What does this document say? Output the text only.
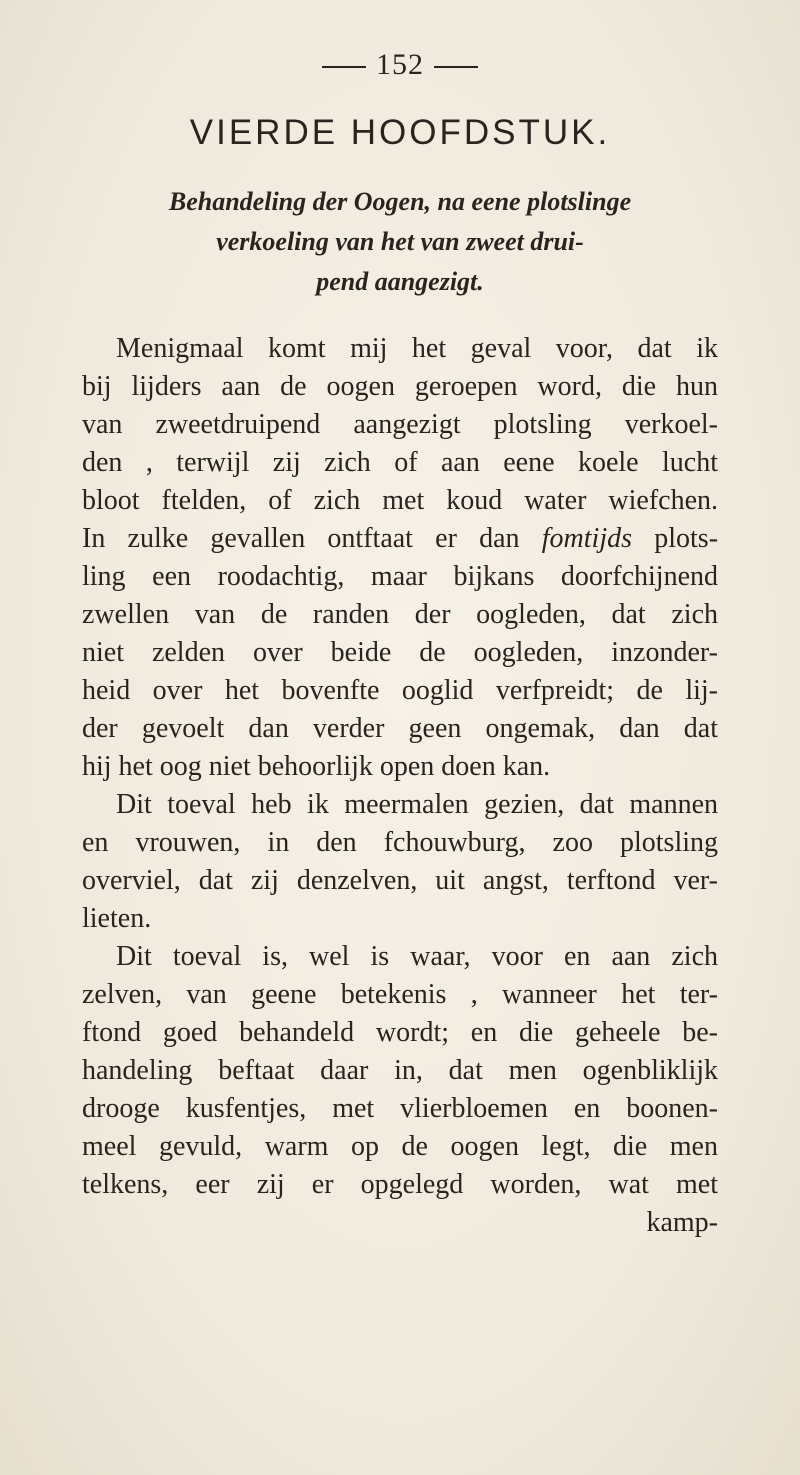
152
VIERDE HOOFDSTUK.
Behandeling der Oogen, na eene plotslinge
verkoeling van het van zweet drui-
pend aangezigt.
Menigmaal komt mij het geval voor, dat ik
bij lijders aan de oogen geroepen word, die hun
van zweetdruipend aangezigt plotsling verkoel-
den , terwijl zij zich of aan eene koele lucht
bloot ftelden, of zich met koud water wiefchen.
In zulke gevallen ontftaat er dan fomtijds plots-
ling een roodachtig, maar bijkans doorfchijnend
zwellen van de randen der oogleden, dat zich
niet zelden over beide de oogleden, inzonder-
heid over het bovenfte ooglid verfpreidt; de lij-
der gevoelt dan verder geen ongemak, dan dat
hij het oog niet behoorlijk open doen kan.
Dit toeval heb ik meermalen gezien, dat mannen
en vrouwen, in den fchouwburg, zoo plotsling
overviel, dat zij denzelven, uit angst, terftond ver-
lieten.
Dit toeval is, wel is waar, voor en aan zich
zelven, van geene betekenis , wanneer het ter-
ftond goed behandeld wordt; en die geheele be-
handeling beftaat daar in, dat men ogenbliklijk
drooge kusfentjes, met vlierbloemen en boonen-
meel gevuld, warm op de oogen legt, die men
telkens, eer zij er opgelegd worden, wat met
kamp-
